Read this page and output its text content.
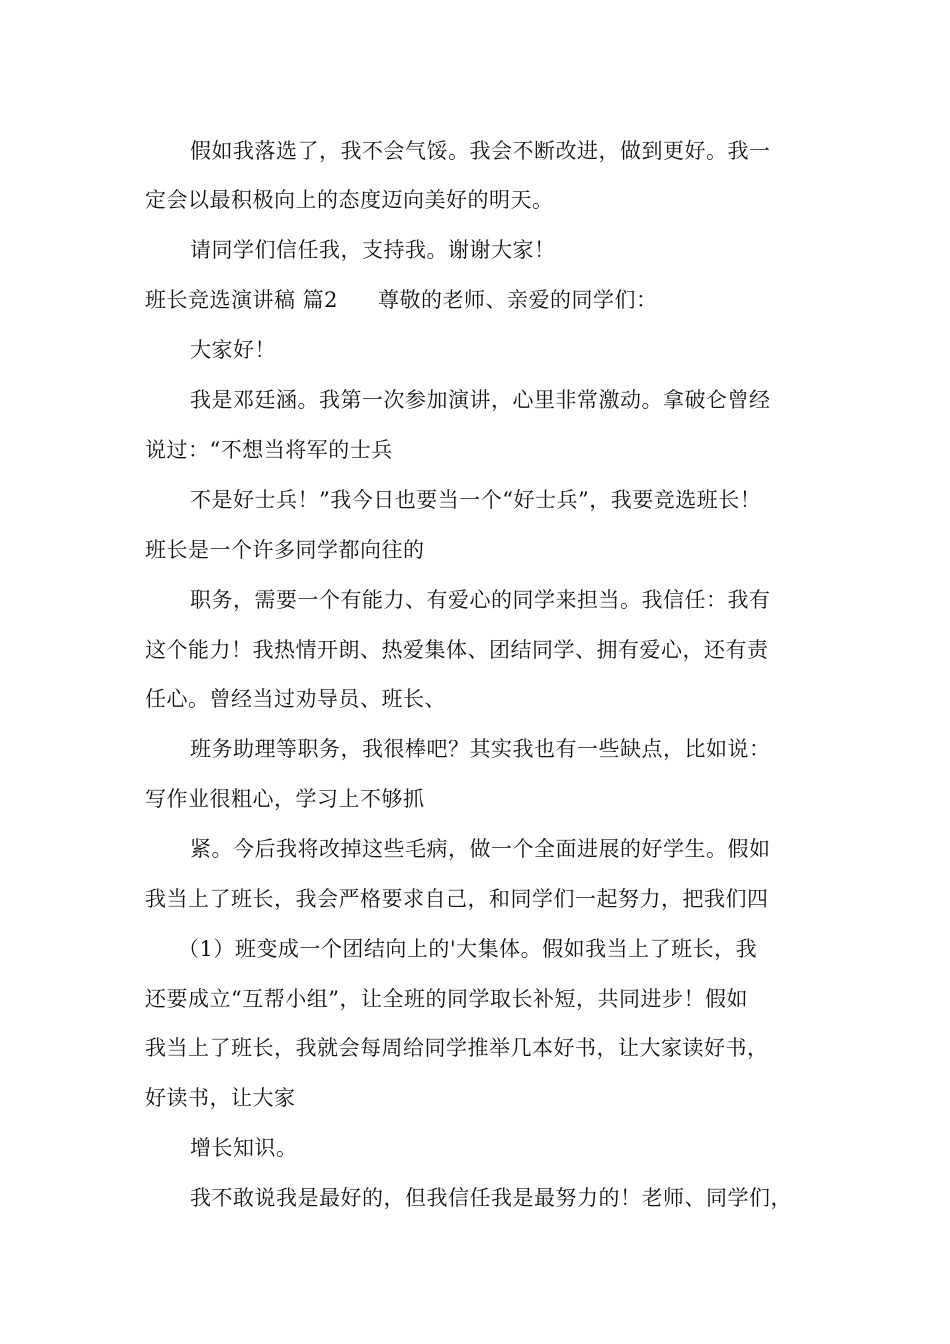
假如我落选了，我不会气馁。我会不断改进，做到更好。我一
定会以最积极向上的态度迈向美好的明天。
请同学们信任我，支持我。谢谢大家！
班长竞选演讲稿 篇2 尊敬的老师、亲爱的同学们：
大家好！
我是邓廷涵。我第一次参加演讲，心里非常激动。拿破仑曾经
说过：“不想当将军的士兵
不是好士兵！”我今日也要当一个“好士兵”，我要竞选班长！
班长是一个许多同学都向往的
职务，需要一个有能力、有爱心的同学来担当。我信任：我有
这个能力！我热情开朗、热爱集体、团结同学、拥有爱心，还有责
任心。曾经当过劝导员、班长、
班务助理等职务，我很棒吧？其实我也有一些缺点，比如说：
写作业很粗心，学习上不够抓
紧。今后我将改掉这些毛病，做一个全面进展的好学生。假如
我当上了班长，我会严格要求自己，和同学们一起努力，把我们四
（1）班变成一个团结向上的'大集体。假如我当上了班长，我
还要成立“互帮小组”，让全班的同学取长补短，共同进步！假如
我当上了班长，我就会每周给同学推举几本好书，让大家读好书，
好读书，让大家
增长知识。
我不敢说我是最好的，但我信任我是最努力的！老师、同学们，
